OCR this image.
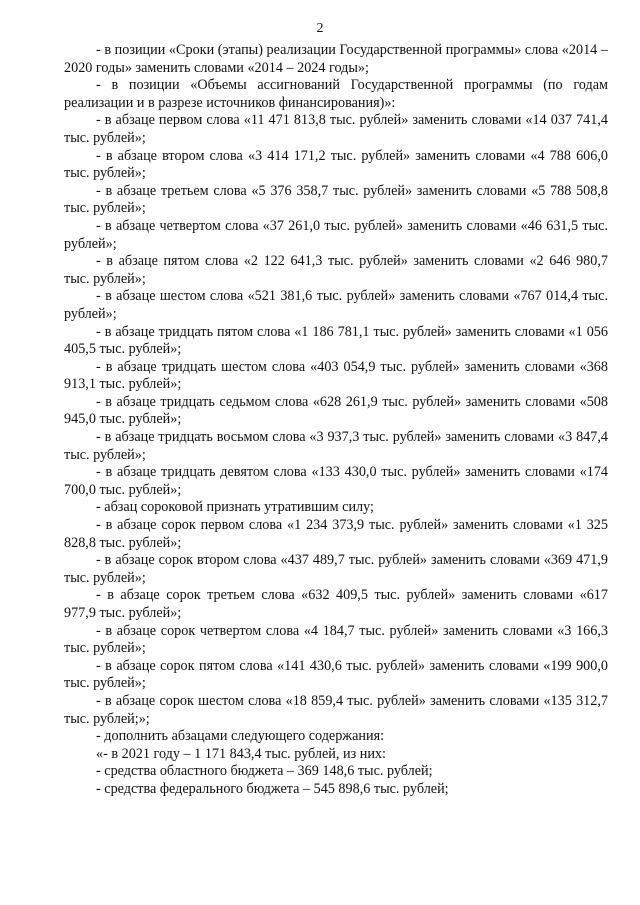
2

- в позиции «Сроки (этапы) реализации Государственной программы» слова «2014 – 2020 годы» заменить словами «2014 – 2024 годы»;

- в позиции «Объемы ассигнований Государственной программы (по годам реализации и в разрезе источников финансирования)»:

- в абзаце первом слова «11 471 813,8 тыс. рублей» заменить словами «14 037 741,4 тыс. рублей»;

- в абзаце втором слова «3 414 171,2 тыс. рублей» заменить словами «4 788 606,0 тыс. рублей»;

- в абзаце третьем слова «5 376 358,7 тыс. рублей» заменить словами «5 788 508,8 тыс. рублей»;

- в абзаце четвертом слова «37 261,0 тыс. рублей» заменить словами «46 631,5 тыс. рублей»;

- в абзаце пятом слова «2 122 641,3 тыс. рублей» заменить словами «2 646 980,7 тыс. рублей»;

- в абзаце шестом слова «521 381,6 тыс. рублей» заменить словами «767 014,4 тыс. рублей»;

- в абзаце тридцать пятом слова «1 186 781,1 тыс. рублей» заменить словами «1 056 405,5 тыс. рублей»;

- в абзаце тридцать шестом слова «403 054,9 тыс. рублей» заменить словами «368 913,1 тыс. рублей»;

- в абзаце тридцать седьмом слова «628 261,9 тыс. рублей» заменить словами «508 945,0 тыс. рублей»;

- в абзаце тридцать восьмом слова «3 937,3 тыс. рублей» заменить словами «3 847,4 тыс. рублей»;

- в абзаце тридцать девятом слова «133 430,0 тыс. рублей» заменить словами «174 700,0 тыс. рублей»;

- абзац сороковой признать утратившим силу;

- в абзаце сорок первом слова «1 234 373,9 тыс. рублей» заменить словами «1 325 828,8 тыс. рублей»;

- в абзаце сорок втором слова «437 489,7 тыс. рублей» заменить словами «369 471,9 тыс. рублей»;

- в абзаце сорок третьем слова «632 409,5 тыс. рублей» заменить словами «617 977,9 тыс. рублей»;

- в абзаце сорок четвертом слова «4 184,7 тыс. рублей» заменить словами «3 166,3 тыс. рублей»;

- в абзаце сорок пятом слова «141 430,6 тыс. рублей» заменить словами «199 900,0 тыс. рублей»;

- в абзаце сорок шестом слова «18 859,4 тыс. рублей» заменить словами «135 312,7 тыс. рублей;»;

- дополнить абзацами следующего содержания:

«- в 2021 году – 1 171 843,4 тыс. рублей, из них:

- средства областного бюджета – 369 148,6 тыс. рублей;

- средства федерального бюджета – 545 898,6 тыс. рублей;
